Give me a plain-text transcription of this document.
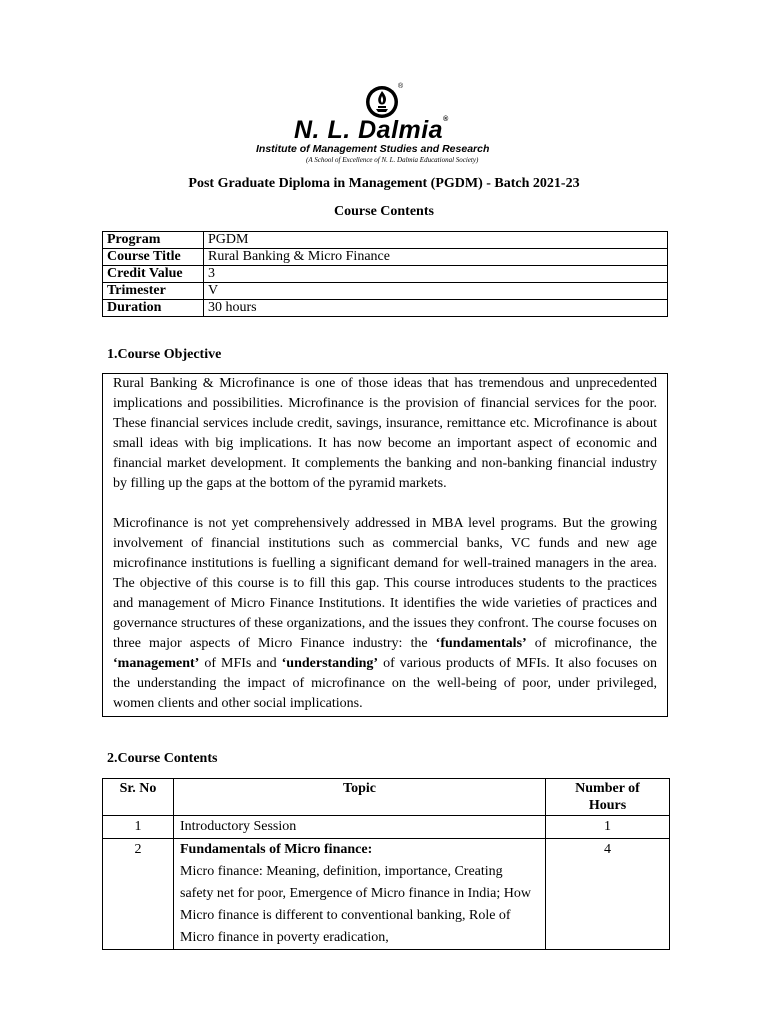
®
N. L. Dalmia®
Institute of Management Studies and Research
(A School of Excellence of N. L. Dalmia Educational Society)
Post Graduate Diploma in Management (PGDM) - Batch 2021-23
Course Contents
Program	PGDM
Course Title	Rural Banking & Micro Finance
Credit Value	3
Trimester	V
Duration	30 hours
1.Course Objective

Rural Banking & Microfinance is one of those ideas that has tremendous and unprecedented implications and possibilities. Microfinance is the provision of financial services for the poor. These financial services include credit, savings, insurance, remittance etc. Microfinance is about small ideas with big implications. It has now become an important aspect of economic and financial market development. It complements the banking and non-banking financial industry by filling up the gaps at the bottom of the pyramid markets.

Microfinance is not yet comprehensively addressed in MBA level programs. But the growing involvement of financial institutions such as commercial banks, VC funds and new age microfinance institutions is fuelling a significant demand for well-trained managers in the area. The objective of this course is to fill this gap. This course introduces students to the practices and management of Micro Finance Institutions. It identifies the wide varieties of practices and governance structures of these organizations, and the issues they confront. The course focuses on three major aspects of Micro Finance industry: the ‘fundamentals’ of microfinance, the ‘management’ of MFIs and ‘understanding’ of various products of MFIs. It also focuses on the understanding the impact of microfinance on the well-being of poor, under privileged, women clients and other social implications.

2.Course Contents
Sr. No	Topic	Number of
Hours
1	Introductory Session	1
2	Fundamentals of Micro finance:
Micro finance: Meaning, definition, importance, Creating safety net for poor, Emergence of Micro finance in India; How Micro finance is different to conventional banking, Role of Micro finance in poverty eradication,	4
